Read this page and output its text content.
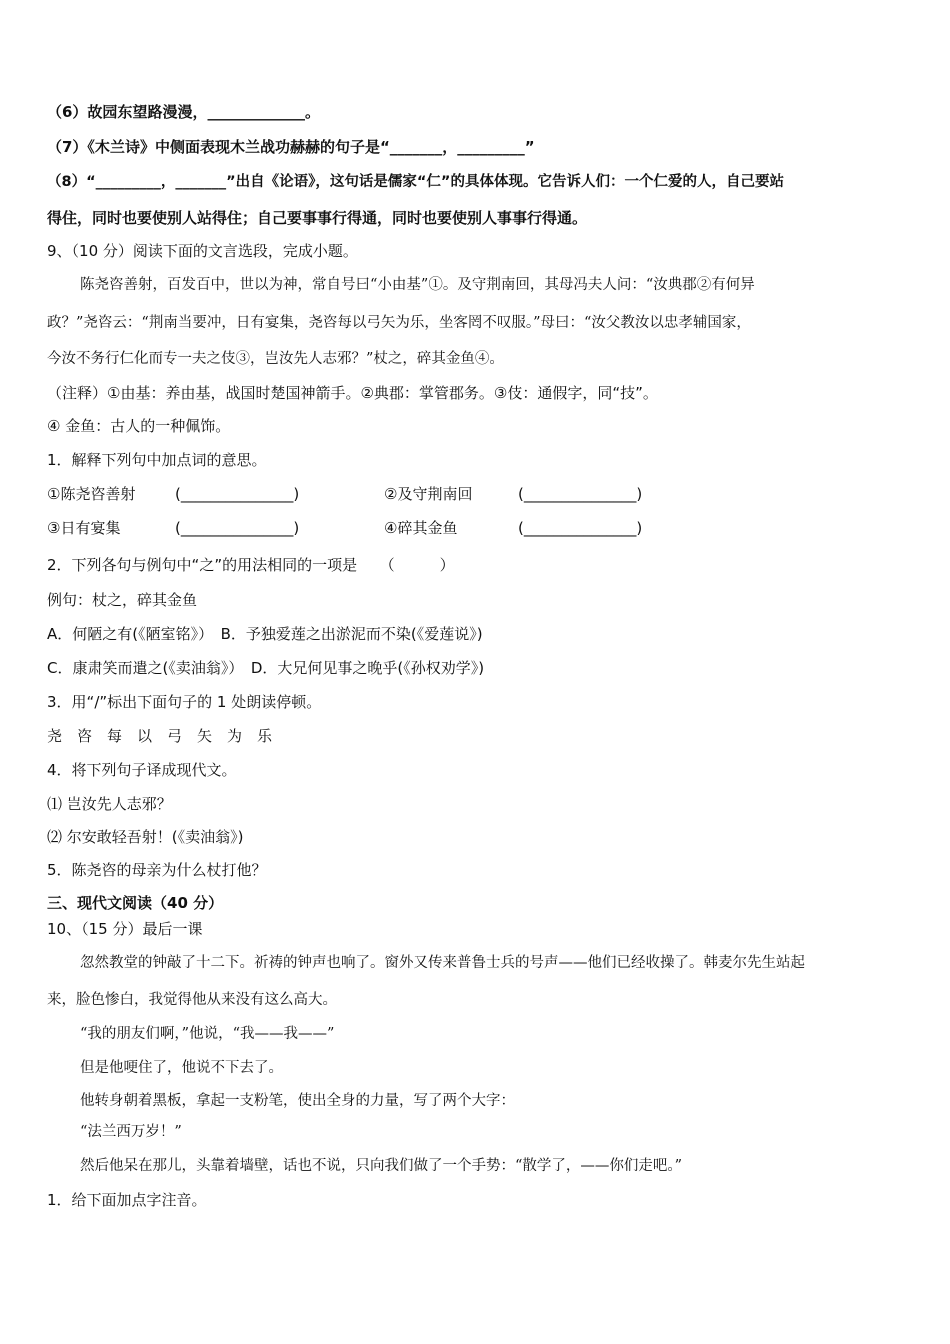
（6）故园东望路漫漫，_____________。
（7）《木兰诗》中侧面表现木兰战功赫赫的句子是“_______，_________”
（8）“_________，_______”出自《论语》，这句话是儒家“仁”的具体体现。它告诉人们：一个仁爱的人，自己要站
得住，同时也要使别人站得住；自己要事事行得通，同时也要使别人事事行得通。
9、（10 分）阅读下面的文言选段，完成小题。
陈尧咨善射，百发百中，世以为神，常自号曰“小由基”①。及守荆南回，其母冯夫人问：“汝典郡②有何异
政？”尧咨云：“荆南当要冲，日有宴集，尧咨每以弓矢为乐，坐客罔不叹服。”母曰：“汝父教汝以忠孝辅国家，
今汝不务行仁化而专一夫之伎③，岂汝先人志邪？”杖之，碎其金鱼④。
（注释）①由基：养由基，战国时楚国神箭手。②典郡：掌管郡务。③伎：通假字，同“技”。
④ 金鱼：古人的一种佩饰。
1．解释下列句中加点词的意思。
①陈尧咨善射	(_______________)	②及守荆南回	(_______________)
③日有宴集	(_______________)	④碎其金鱼	(_______________)
2．下列各句与例句中“之”的用法相同的一项是　　（　　　）
例句：杖之，碎其金鱼
A．何陋之有(《陋室铭》）　B．予独爱莲之出淤泥而不染(《爱莲说》)
C．康肃笑而遣之(《卖油翁》）　D．大兄何见事之晚乎(《孙权劝学》)
3．用“/”标出下面句子的 1 处朗读停顿。
尧　咨　每　以　弓　矢　为　乐
4．将下列句子译成现代文。
⑴ 岂汝先人志邪？
⑵ 尔安敢轻吾射！(《卖油翁》)
5．陈尧咨的母亲为什么杖打他？
三、现代文阅读（40 分）
10、（15 分）最后一课
忽然教堂的钟敲了十二下。祈祷的钟声也响了。窗外又传来普鲁士兵的号声——他们已经收操了。韩麦尔先生站起
来，脸色惨白，我觉得他从来没有这么高大。
“我的朋友们啊，”他说，“我——我——”
但是他哽住了，他说不下去了。
他转身朝着黑板，拿起一支粉笔，使出全身的力量，写了两个大字：
“法兰西万岁！”
然后他呆在那儿，头靠着墙壁，话也不说，只向我们做了一个手势：“散学了，——你们走吧。”
1．给下面加点字注音。
